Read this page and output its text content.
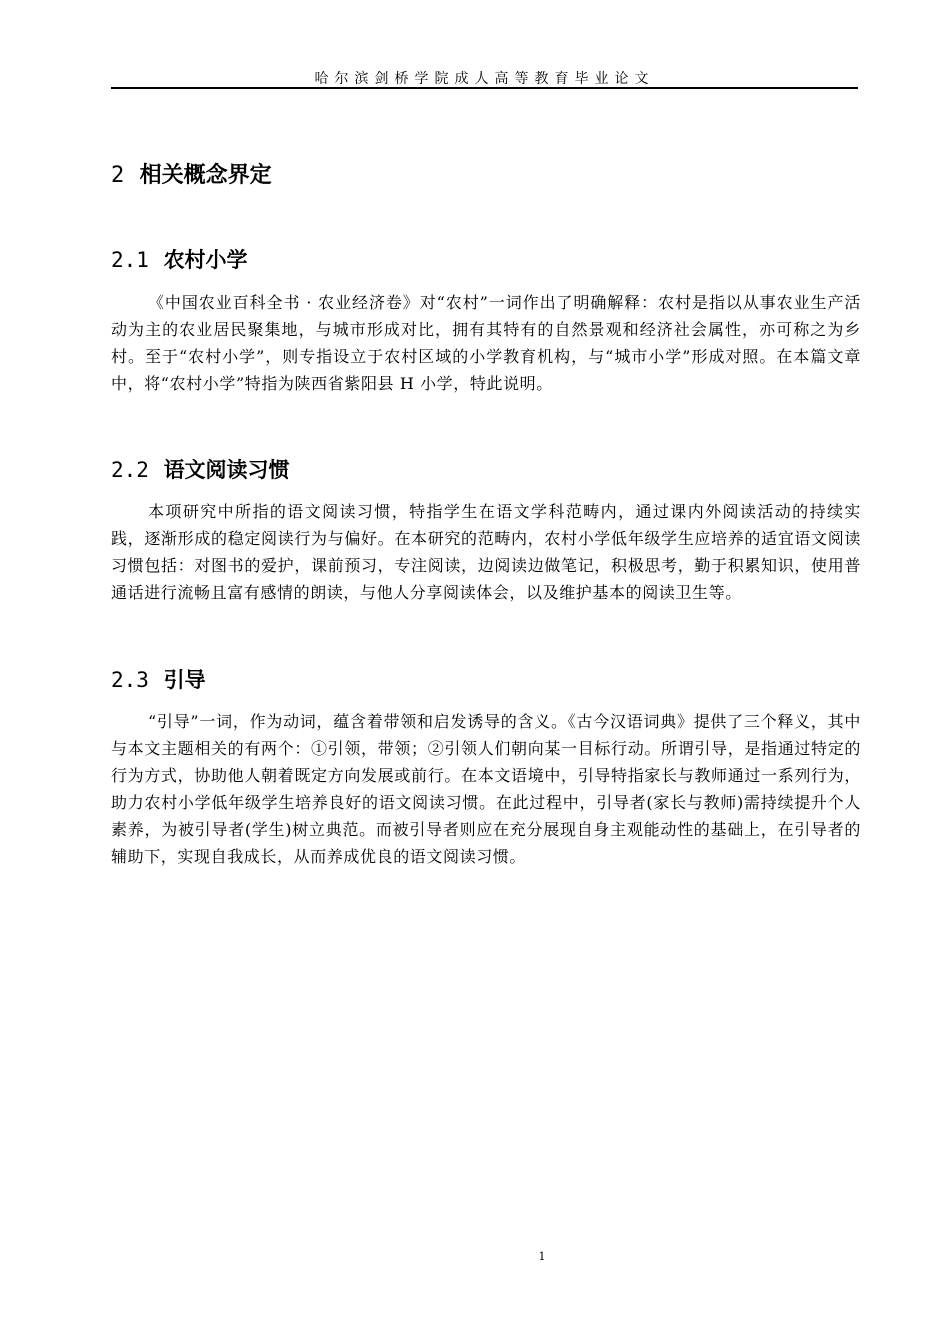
哈尔滨剑桥学院成人高等教育毕业论文
2 相关概念界定
2.1 农村小学

《中国农业百科全书 · 农业经济卷》对“农村”一词作出了明确解释：农村是指以从事农业生产活动为主的农业居民聚集地，与城市形成对比，拥有其特有的自然景观和经济社会属性，亦可称之为乡村。至于“农村小学”，则专指设立于农村区域的小学教育机构，与“城市小学”形成对照。在本篇文章中，将“农村小学”特指为陕西省紫阳县 H 小学，特此说明。

2.2 语文阅读习惯

本项研究中所指的语文阅读习惯，特指学生在语文学科范畴内，通过课内外阅读活动的持续实践，逐渐形成的稳定阅读行为与偏好。在本研究的范畴内，农村小学低年级学生应培养的适宜语文阅读习惯包括：对图书的爱护，课前预习，专注阅读，边阅读边做笔记，积极思考，勤于积累知识，使用普通话进行流畅且富有感情的朗读，与他人分享阅读体会，以及维护基本的阅读卫生等。

2.3 引导

“引导”一词，作为动词，蕴含着带领和启发诱导的含义。《古今汉语词典》提供了三个释义，其中与本文主题相关的有两个：①引领，带领；②引领人们朝向某一目标行动。所谓引导，是指通过特定的行为方式，协助他人朝着既定方向发展或前行。在本文语境中，引导特指家长与教师通过一系列行为，助力农村小学低年级学生培养良好的语文阅读习惯。在此过程中，引导者(家长与教师)需持续提升个人素养，为被引导者(学生)树立典范。而被引导者则应在充分展现自身主观能动性的基础上，在引导者的辅助下，实现自我成长，从而养成优良的语文阅读习惯。

1
